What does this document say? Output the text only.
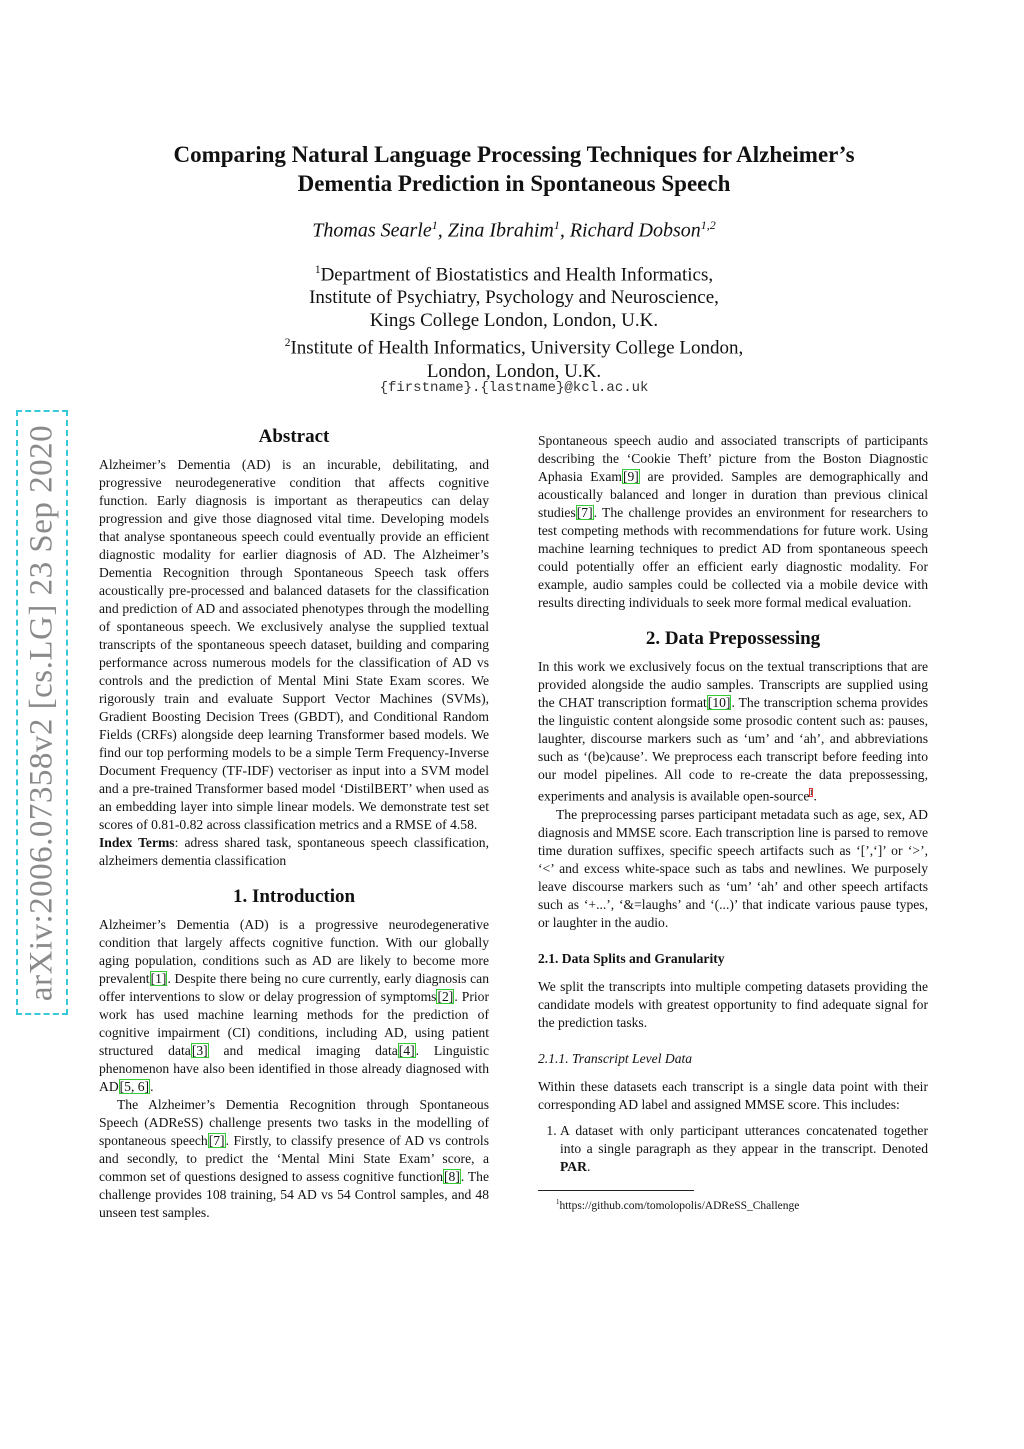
arXiv:2006.07358v2 [cs.LG] 23 Sep 2020
Comparing Natural Language Processing Techniques for Alzheimer’s
Dementia Prediction in Spontaneous Speech
Thomas Searle$^1$, Zina Ibrahim$^1$, Richard Dobson$^{1,2}$
$^1$Department of Biostatistics and Health Informatics,
Institute of Psychiatry, Psychology and Neuroscience,
Kings College London, London, U.K.
$^2$Institute of Health Informatics, University College London,
London, London, U.K.
{firstname}.{lastname}@kcl.ac.uk
Abstract

Alzheimer’s Dementia (AD) is an incurable, debilitating, and progressive neurodegenerative condition that affects cognitive function. Early diagnosis is important as therapeutics can delay progression and give those diagnosed vital time. Developing models that analyse spontaneous speech could eventually provide an efficient diagnostic modality for earlier diagnosis of AD. The Alzheimer’s Dementia Recognition through Spontaneous Speech task offers acoustically pre-processed and balanced datasets for the classification and prediction of AD and associated phenotypes through the modelling of spontaneous speech. We exclusively analyse the supplied textual transcripts of the spontaneous speech dataset, building and comparing performance across numerous models for the classification of AD vs controls and the prediction of Mental Mini State Exam scores. We rigorously train and evaluate Support Vector Machines (SVMs), Gradient Boosting Decision Trees (GBDT), and Conditional Random Fields (CRFs) alongside deep learning Transformer based models. We find our top performing models to be a simple Term Frequency-Inverse Document Frequency (TF-IDF) vectoriser as input into a SVM model and a pre-trained Transformer based model ‘DistilBERT’ when used as an embedding layer into simple linear models. We demonstrate test set scores of 0.81-0.82 across classification metrics and a RMSE of 4.58.

Index Terms: adress shared task, spontaneous speech classification, alzheimers dementia classification

1. Introduction

Alzheimer’s Dementia (AD) is a progressive neurodegenerative condition that largely affects cognitive function. With our globally aging population, conditions such as AD are likely to become more prevalent[1]. Despite there being no cure currently, early diagnosis can offer interventions to slow or delay progression of symptoms[2]. Prior work has used machine learning methods for the prediction of cognitive impairment (CI) conditions, including AD, using patient structured data[3] and medical imaging data[4]. Linguistic phenomenon have also been identified in those already diagnosed with AD[5, 6].

The Alzheimer’s Dementia Recognition through Spontaneous Speech (ADReSS) challenge presents two tasks in the modelling of spontaneous speech[7]. Firstly, to classify presence of AD vs controls and secondly, to predict the ‘Mental Mini State Exam’ score, a common set of questions designed to assess cognitive function[8]. The challenge provides 108 training, 54 AD vs 54 Control samples, and 48 unseen test samples.

Spontaneous speech audio and associated transcripts of participants describing the ‘Cookie Theft’ picture from the Boston Diagnostic Aphasia Exam[9] are provided. Samples are demographically and acoustically balanced and longer in duration than previous clinical studies[7]. The challenge provides an environment for researchers to test competing methods with recommendations for future work. Using machine learning techniques to predict AD from spontaneous speech could potentially offer an efficient early diagnostic modality. For example, audio samples could be collected via a mobile device with results directing individuals to seek more formal medical evaluation.

2. Data Prepossessing

In this work we exclusively focus on the textual transcriptions that are provided alongside the audio samples. Transcripts are supplied using the CHAT transcription format[10]. The transcription schema provides the linguistic content alongside some prosodic content such as: pauses, laughter, discourse markers such as ‘um’ and ‘ah’, and abbreviations such as ‘(be)cause’. We preprocess each transcript before feeding into our model pipelines. All code to re-create the data prepossessing, experiments and analysis is available open-source$^1$.

The preprocessing parses participant metadata such as age, sex, AD diagnosis and MMSE score. Each transcription line is parsed to remove time duration suffixes, specific speech artifacts such as ‘[’,‘]’ or ‘>’, ‘<’ and excess white-space such as tabs and newlines. We purposely leave discourse markers such as ‘um’ ‘ah’ and other speech artifacts such as ‘+...’, ‘&=laughs’ and ‘(...)’ that indicate various pause types, or laughter in the audio.

2.1. Data Splits and Granularity

We split the transcripts into multiple competing datasets providing the candidate models with greatest opportunity to find adequate signal for the prediction tasks.

2.1.1. Transcript Level Data

Within these datasets each transcript is a single data point with their corresponding AD label and assigned MMSE score. This includes:

1. A dataset with only participant utterances concatenated together into a single paragraph as they appear in the transcript. Denoted PAR.
$^1$https://github.com/tomolopolis/ADReSS_Challenge
